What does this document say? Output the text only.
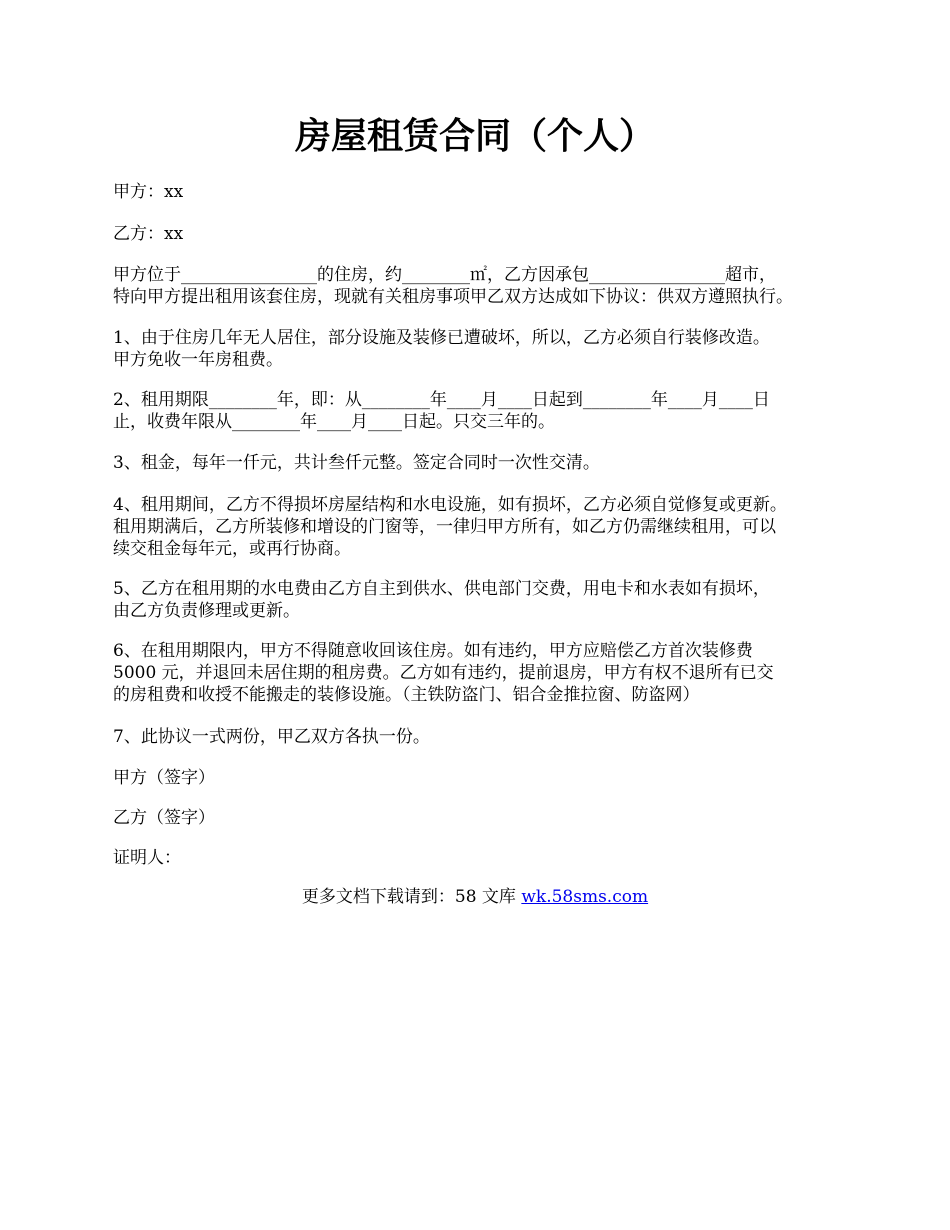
房屋租赁合同（个人）

甲方：xx

乙方：xx

甲方位于________________的住房，约________㎡，乙方因承包________________超市，
特向甲方提出租用该套住房，现就有关租房事项甲乙双方达成如下协议：供双方遵照执行。

1、由于住房几年无人居住，部分设施及装修已遭破坏，所以，乙方必须自行装修改造。
甲方免收一年房租费。

2、租用期限________年，即：从________年____月____日起到________年____月____日
止，收费年限从________年____月____日起。只交三年的。

3、租金，每年一仟元，共计叁仟元整。签定合同时一次性交清。

4、租用期间，乙方不得损坏房屋结构和水电设施，如有损坏，乙方必须自觉修复或更新。
租用期满后，乙方所装修和增设的门窗等，一律归甲方所有，如乙方仍需继续租用，可以
续交租金每年元，或再行协商。

5、乙方在租用期的水电费由乙方自主到供水、供电部门交费，用电卡和水表如有损坏，
由乙方负责修理或更新。

6、在租用期限内，甲方不得随意收回该住房。如有违约，甲方应赔偿乙方首次装修费
5000 元，并退回未居住期的租房费。乙方如有违约，提前退房，甲方有权不退所有已交
的房租费和收授不能搬走的装修设施。（主铁防盗门、铝合金推拉窗、防盗网）

7、此协议一式两份，甲乙双方各执一份。

甲方（签字）

乙方（签字）

证明人：

更多文档下载请到：58 文库 wk.58sms.com
